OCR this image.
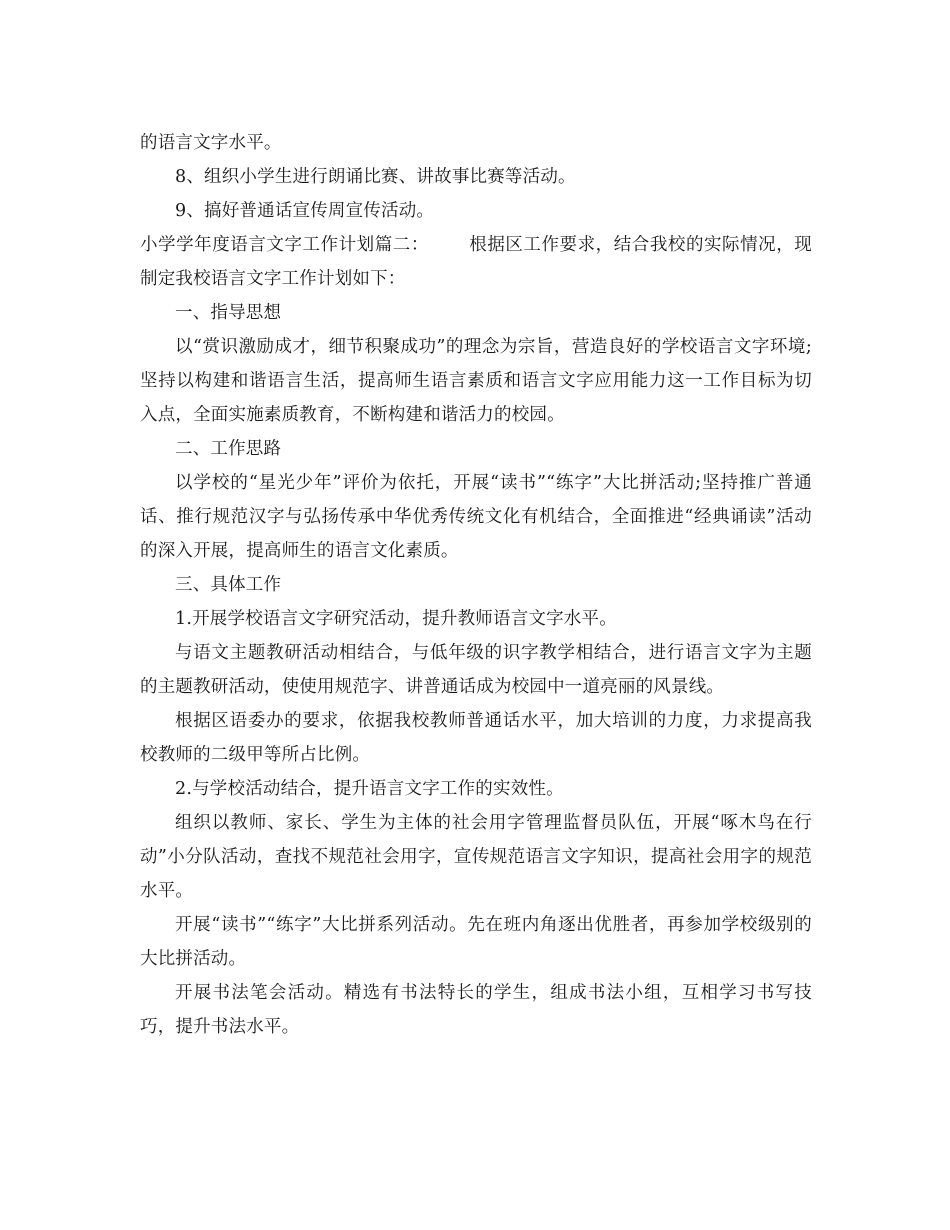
的语言文字水平。

8、组织小学生进行朗诵比赛、讲故事比赛等活动。

9、搞好普通话宣传周宣传活动。

小学学年度语言文字工作计划篇二： 根据区工作要求，结合我校的实际情况，现制定我校语言文字工作计划如下：

一、指导思想

以“赏识激励成才，细节积聚成功”的理念为宗旨，营造良好的学校语言文字环境;坚持以构建和谐语言生活，提高师生语言素质和语言文字应用能力这一工作目标为切入点，全面实施素质教育，不断构建和谐活力的校园。

二、工作思路

以学校的“星光少年”评价为依托，开展“读书”“练字”大比拼活动;坚持推广普通话、推行规范汉字与弘扬传承中华优秀传统文化有机结合，全面推进“经典诵读”活动的深入开展，提高师生的语言文化素质。

三、具体工作

1.开展学校语言文字研究活动，提升教师语言文字水平。

与语文主题教研活动相结合，与低年级的识字教学相结合，进行语言文字为主题的主题教研活动，使使用规范字、讲普通话成为校园中一道亮丽的风景线。

根据区语委办的要求，依据我校教师普通话水平，加大培训的力度，力求提高我校教师的二级甲等所占比例。

2.与学校活动结合，提升语言文字工作的实效性。

组织以教师、家长、学生为主体的社会用字管理监督员队伍，开展“啄木鸟在行动”小分队活动，查找不规范社会用字，宣传规范语言文字知识，提高社会用字的规范水平。

开展“读书”“练字”大比拼系列活动。先在班内角逐出优胜者，再参加学校级别的大比拼活动。

开展书法笔会活动。精选有书法特长的学生，组成书法小组，互相学习书写技巧，提升书法水平。
